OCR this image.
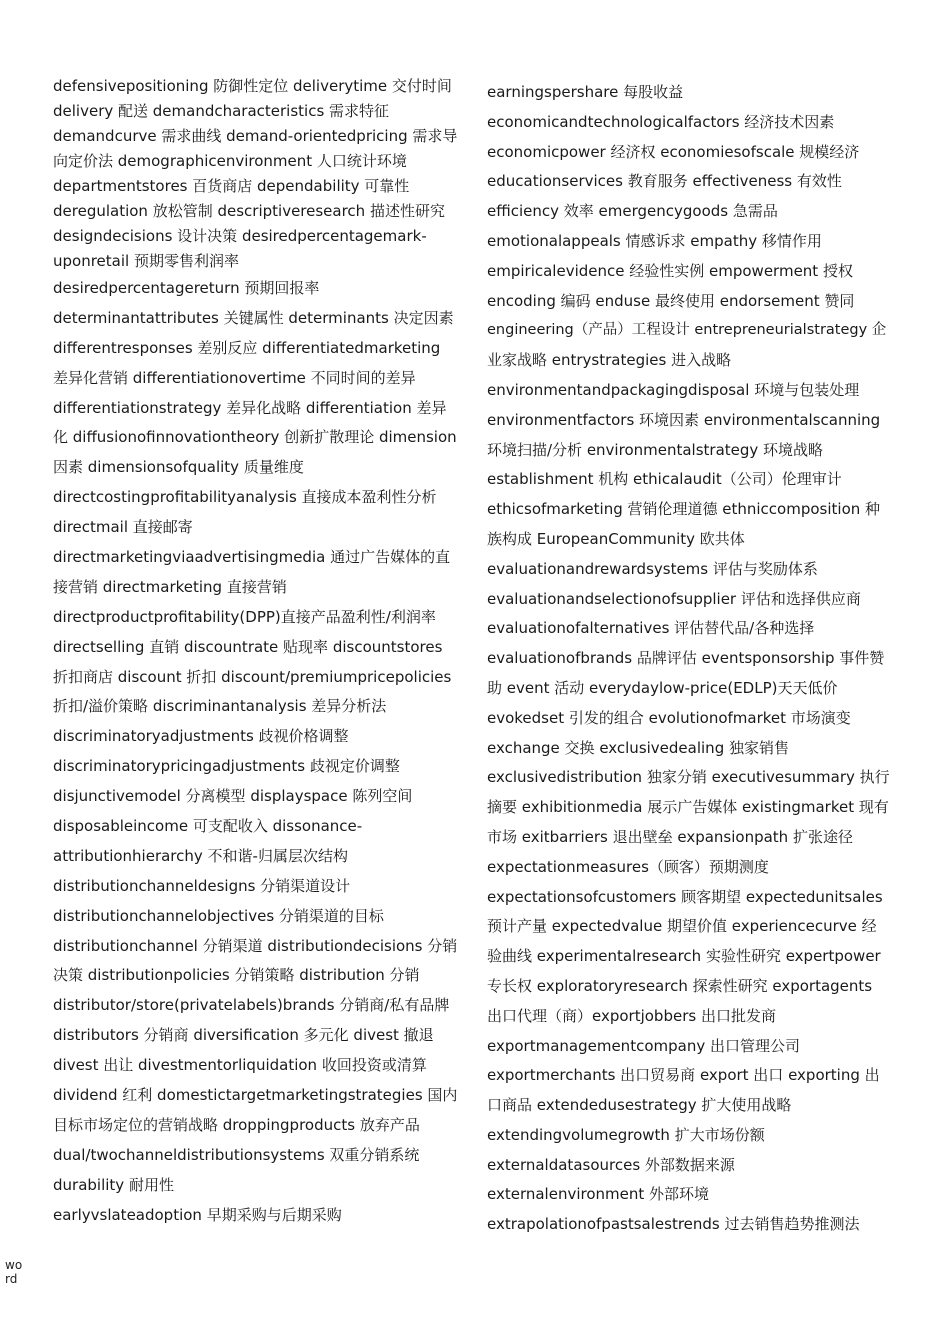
defensivepositioning 防御性定位 deliverytime 交付时间
delivery 配送 demandcharacteristics 需求特征
demandcurve 需求曲线 demand-orientedpricing 需求导
向定价法 demographicenvironment 人口统计环境
departmentstores 百货商店 dependability 可靠性
deregulation 放松管制 descriptiveresearch 描述性研究
designdecisions 设计决策 desiredpercentagemark-
uponretail 预期零售利润率
desiredpercentagereturn 预期回报率
determinantattributes 关键属性 determinants 决定因素
differentresponses 差别反应 differentiatedmarketing
差异化营销 differentiationovertime 不同时间的差异
differentiationstrategy 差异化战略 differentiation 差异
化 diffusionofinnovationtheory 创新扩散理论 dimension
因素 dimensionsofquality 质量维度
directcostingprofitabilityanalysis 直接成本盈利性分析
directmail 直接邮寄
directmarketingviaadvertisingmedia 通过广告媒体的直
接营销 directmarketing 直接营销
directproductprofitability(DPP)直接产品盈利性/利润率
directselling 直销 discountrate 贴现率 discountstores
折扣商店 discount 折扣 discount/premiumpricepolicies
折扣/溢价策略 discriminantanalysis 差异分析法
discriminatoryadjustments 歧视价格调整
discriminatorypricingadjustments 歧视定价调整
disjunctivemodel 分离模型 displayspace 陈列空间
disposableincome 可支配收入 dissonance-
attributionhierarchy 不和谐-归属层次结构
distributionchanneldesigns 分销渠道设计
distributionchannelobjectives 分销渠道的目标
distributionchannel 分销渠道 distributiondecisions 分销
决策 distributionpolicies 分销策略 distribution 分销
distributor/store(privatelabels)brands 分销商/私有品牌
distributors 分销商 diversification 多元化 divest 撤退
divest 出让 divestmentorliquidation 收回投资或清算
dividend 红利 domestictargetmarketingstrategies 国内
目标市场定位的营销战略 droppingproducts 放弃产品
dual/twochanneldistributionsystems 双重分销系统
durability 耐用性
earlyvslateadoption 早期采购与后期采购
earningspershare 每股收益
economicandtechnologicalfactors 经济技术因素
economicpower 经济权 economiesofscale 规模经济
educationservices 教育服务 effectiveness 有效性
efficiency 效率 emergencygoods 急需品
emotionalappeals 情感诉求 empathy 移情作用
empiricalevidence 经验性实例 empowerment 授权
encoding 编码 enduse 最终使用 endorsement 赞同
engineering（产品）工程设计 entrepreneurialstrategy 企
业家战略 entrystrategies 进入战略
environmentandpackagingdisposal 环境与包装处理
environmentfactors 环境因素 environmentalscanning
环境扫描/分析 environmentalstrategy 环境战略
establishment 机构 ethicalaudit（公司）伦理审计
ethicsofmarketing 营销伦理道德 ethniccomposition 种
族构成 EuropeanCommunity 欧共体
evaluationandrewardsystems 评估与奖励体系
evaluationandselectionofsupplier 评估和选择供应商
evaluationofalternatives 评估替代品/各种选择
evaluationofbrands 品牌评估 eventsponsorship 事件赞
助 event 活动 everydaylow-price(EDLP)天天低价
evokedset 引发的组合 evolutionofmarket 市场演变
exchange 交换 exclusivedealing 独家销售
exclusivedistribution 独家分销 executivesummary 执行
摘要 exhibitionmedia 展示广告媒体 existingmarket 现有
市场 exitbarriers 退出壁垒 expansionpath 扩张途径
expectationmeasures（顾客）预期测度
expectationsofcustomers 顾客期望 expectedunitsales
预计产量 expectedvalue 期望价值 experiencecurve 经
验曲线 experimentalresearch 实验性研究 expertpower
专长权 exploratoryresearch 探索性研究 exportagents
出口代理（商）exportjobbers 出口批发商
exportmanagementcompany 出口管理公司
exportmerchants 出口贸易商 export 出口 exporting 出
口商品 extendedusestrategy 扩大使用战略
extendingvolumegrowth 扩大市场份额
externaldatasources 外部数据来源
externalenvironment 外部环境
extrapolationofpastsalestrends 过去销售趋势推测法
word
